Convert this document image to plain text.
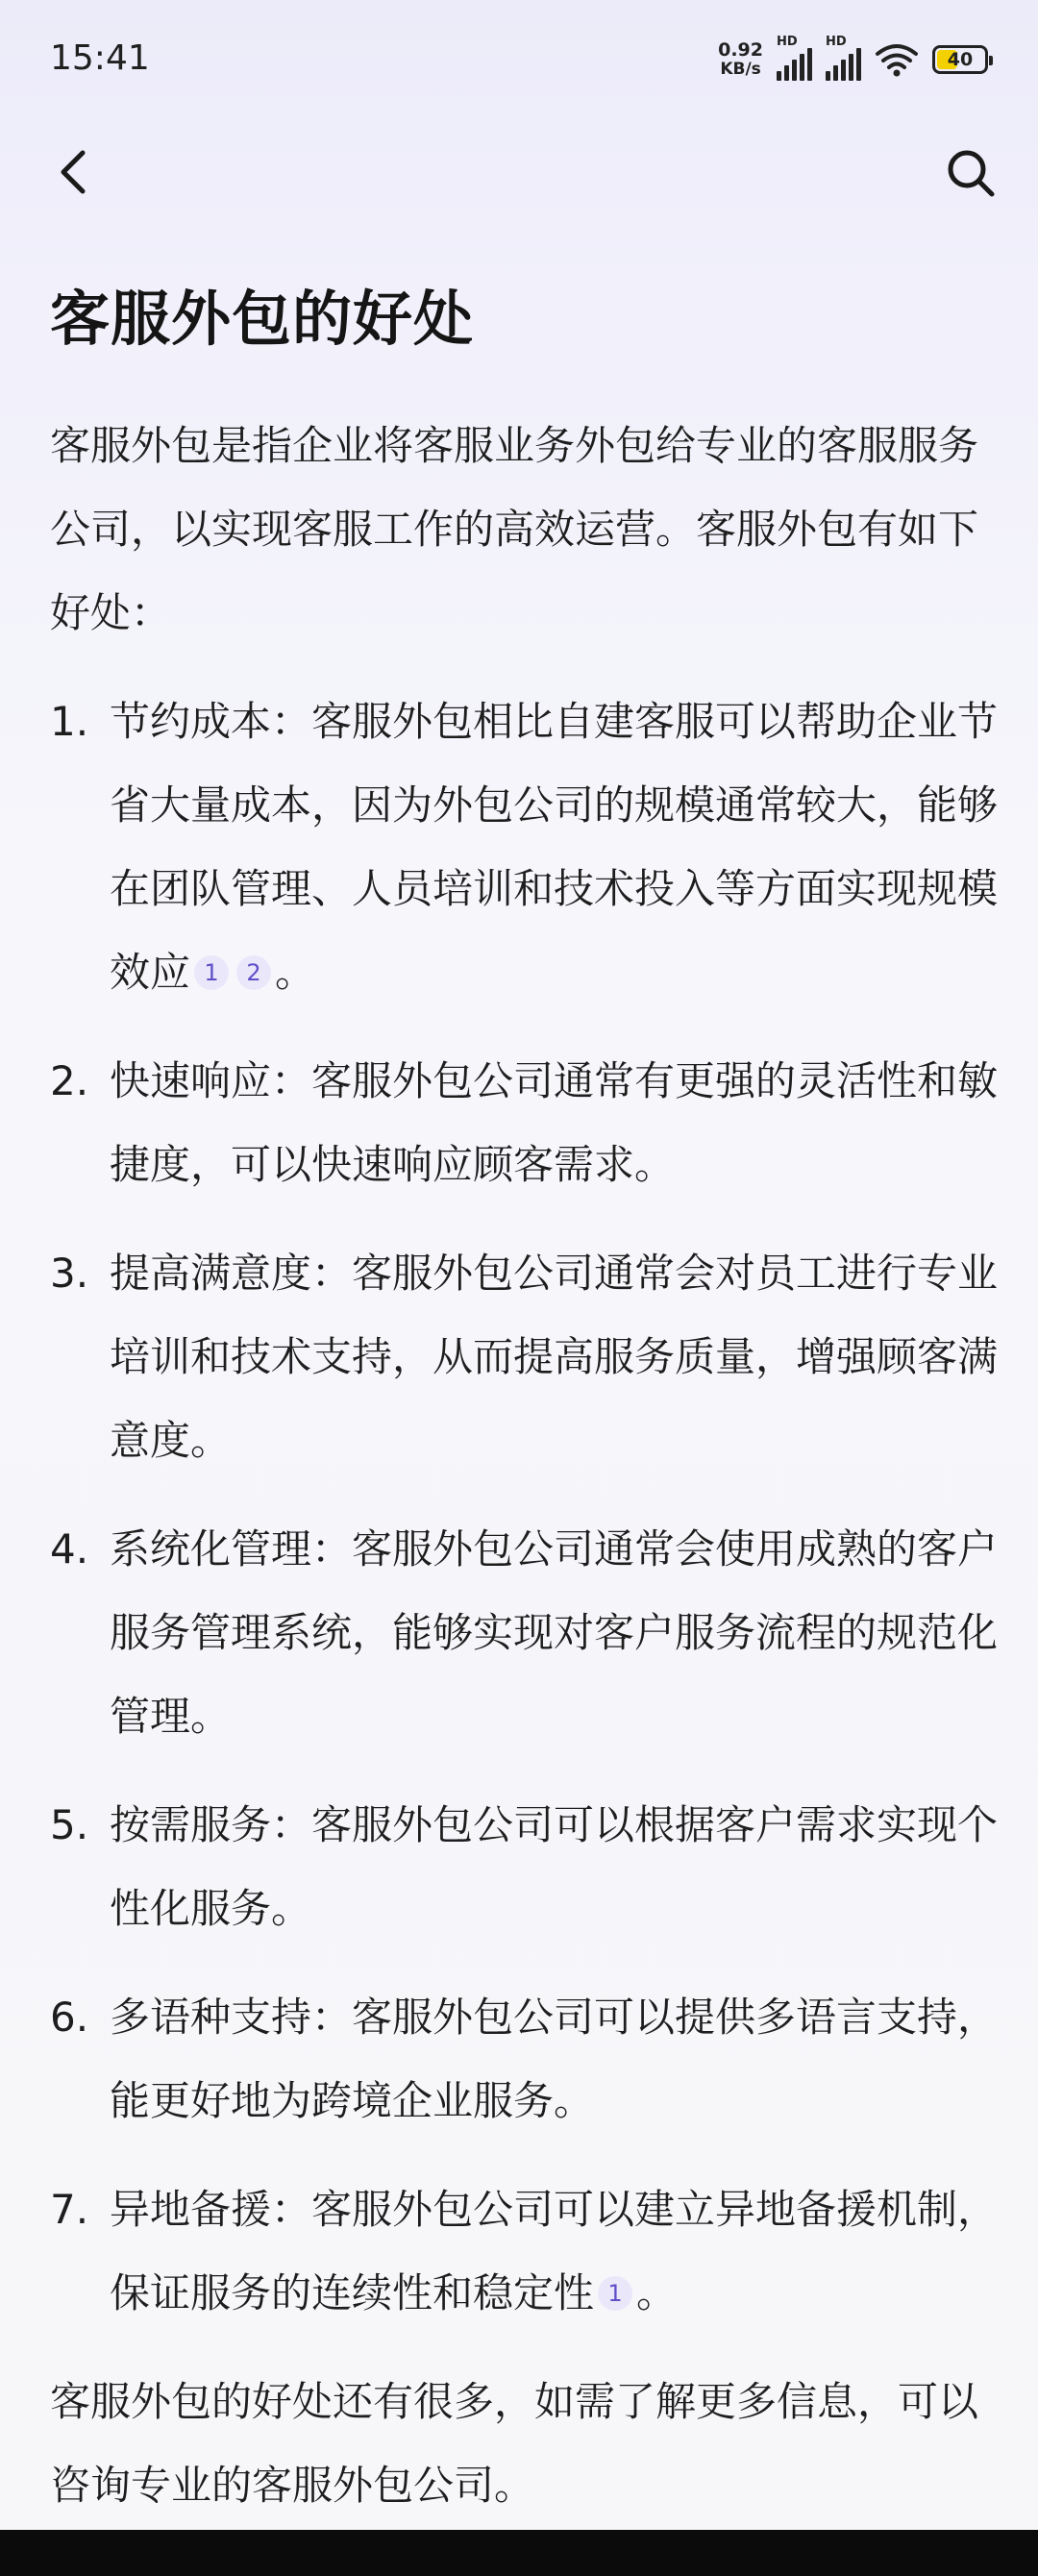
15:41	0.92
KB/s
HD HD
40
客服外包的好处

客服外包是指企业将客服业务外包给专业的客服服务公司，以实现客服工作的高效运营。客服外包有如下好处：

1. 节约成本：客服外包相比自建客服可以帮助企业节省大量成本，因为外包公司的规模通常较大，能够在团队管理、人员培训和技术投入等方面实现规模效应 1 2 。
2. 快速响应：客服外包公司通常有更强的灵活性和敏捷度，可以快速响应顾客需求。
3. 提高满意度：客服外包公司通常会对员工进行专业培训和技术支持，从而提高服务质量，增强顾客满意度。
4. 系统化管理：客服外包公司通常会使用成熟的客户服务管理系统，能够实现对客户服务流程的规范化管理。
5. 按需服务：客服外包公司可以根据客户需求实现个性化服务。
6. 多语种支持：客服外包公司可以提供多语言支持，能更好地为跨境企业服务。
7. 异地备援：客服外包公司可以建立异地备援机制，保证服务的连续性和稳定性 1 。

客服外包的好处还有很多，如需了解更多信息，可以咨询专业的客服外包公司。
